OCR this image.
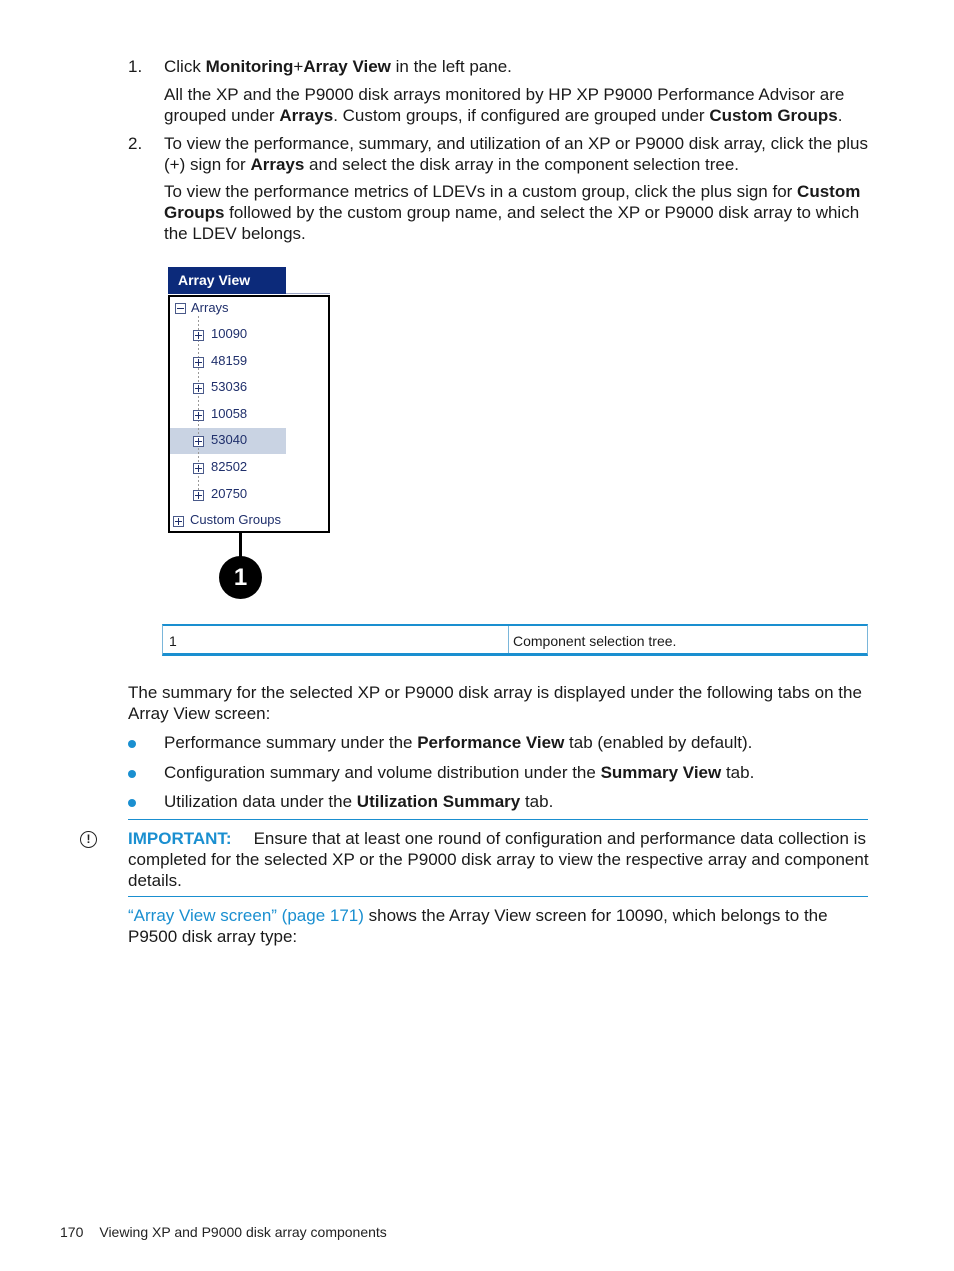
1. Click Monitoring+Array View in the left pane.
All the XP and the P9000 disk arrays monitored by HP XP P9000 Performance Advisor are grouped under Arrays. Custom groups, if configured are grouped under Custom Groups.
2. To view the performance, summary, and utilization of an XP or P9000 disk array, click the plus (+) sign for Arrays and select the disk array in the component selection tree.
To view the performance metrics of LDEVs in a custom group, click the plus sign for Custom Groups followed by the custom group name, and select the XP or P9000 disk array to which the LDEV belongs.
Array View
Arrays
10090
48159
53036
10058
53040
82502
20750
Custom Groups
1
1	Component selection tree.
The summary for the selected XP or P9000 disk array is displayed under the following tabs on the Array View screen:
Performance summary under the Performance View tab (enabled by default).
Configuration summary and volume distribution under the Summary View tab.
Utilization data under the Utilization Summary tab.
!	IMPORTANT: Ensure that at least one round of configuration and performance data collection is completed for the selected XP or the P9000 disk array to view the respective array and component details.
“Array View screen” (page 171) shows the Array View screen for 10090, which belongs to the P9500 disk array type:
170 Viewing XP and P9000 disk array components
